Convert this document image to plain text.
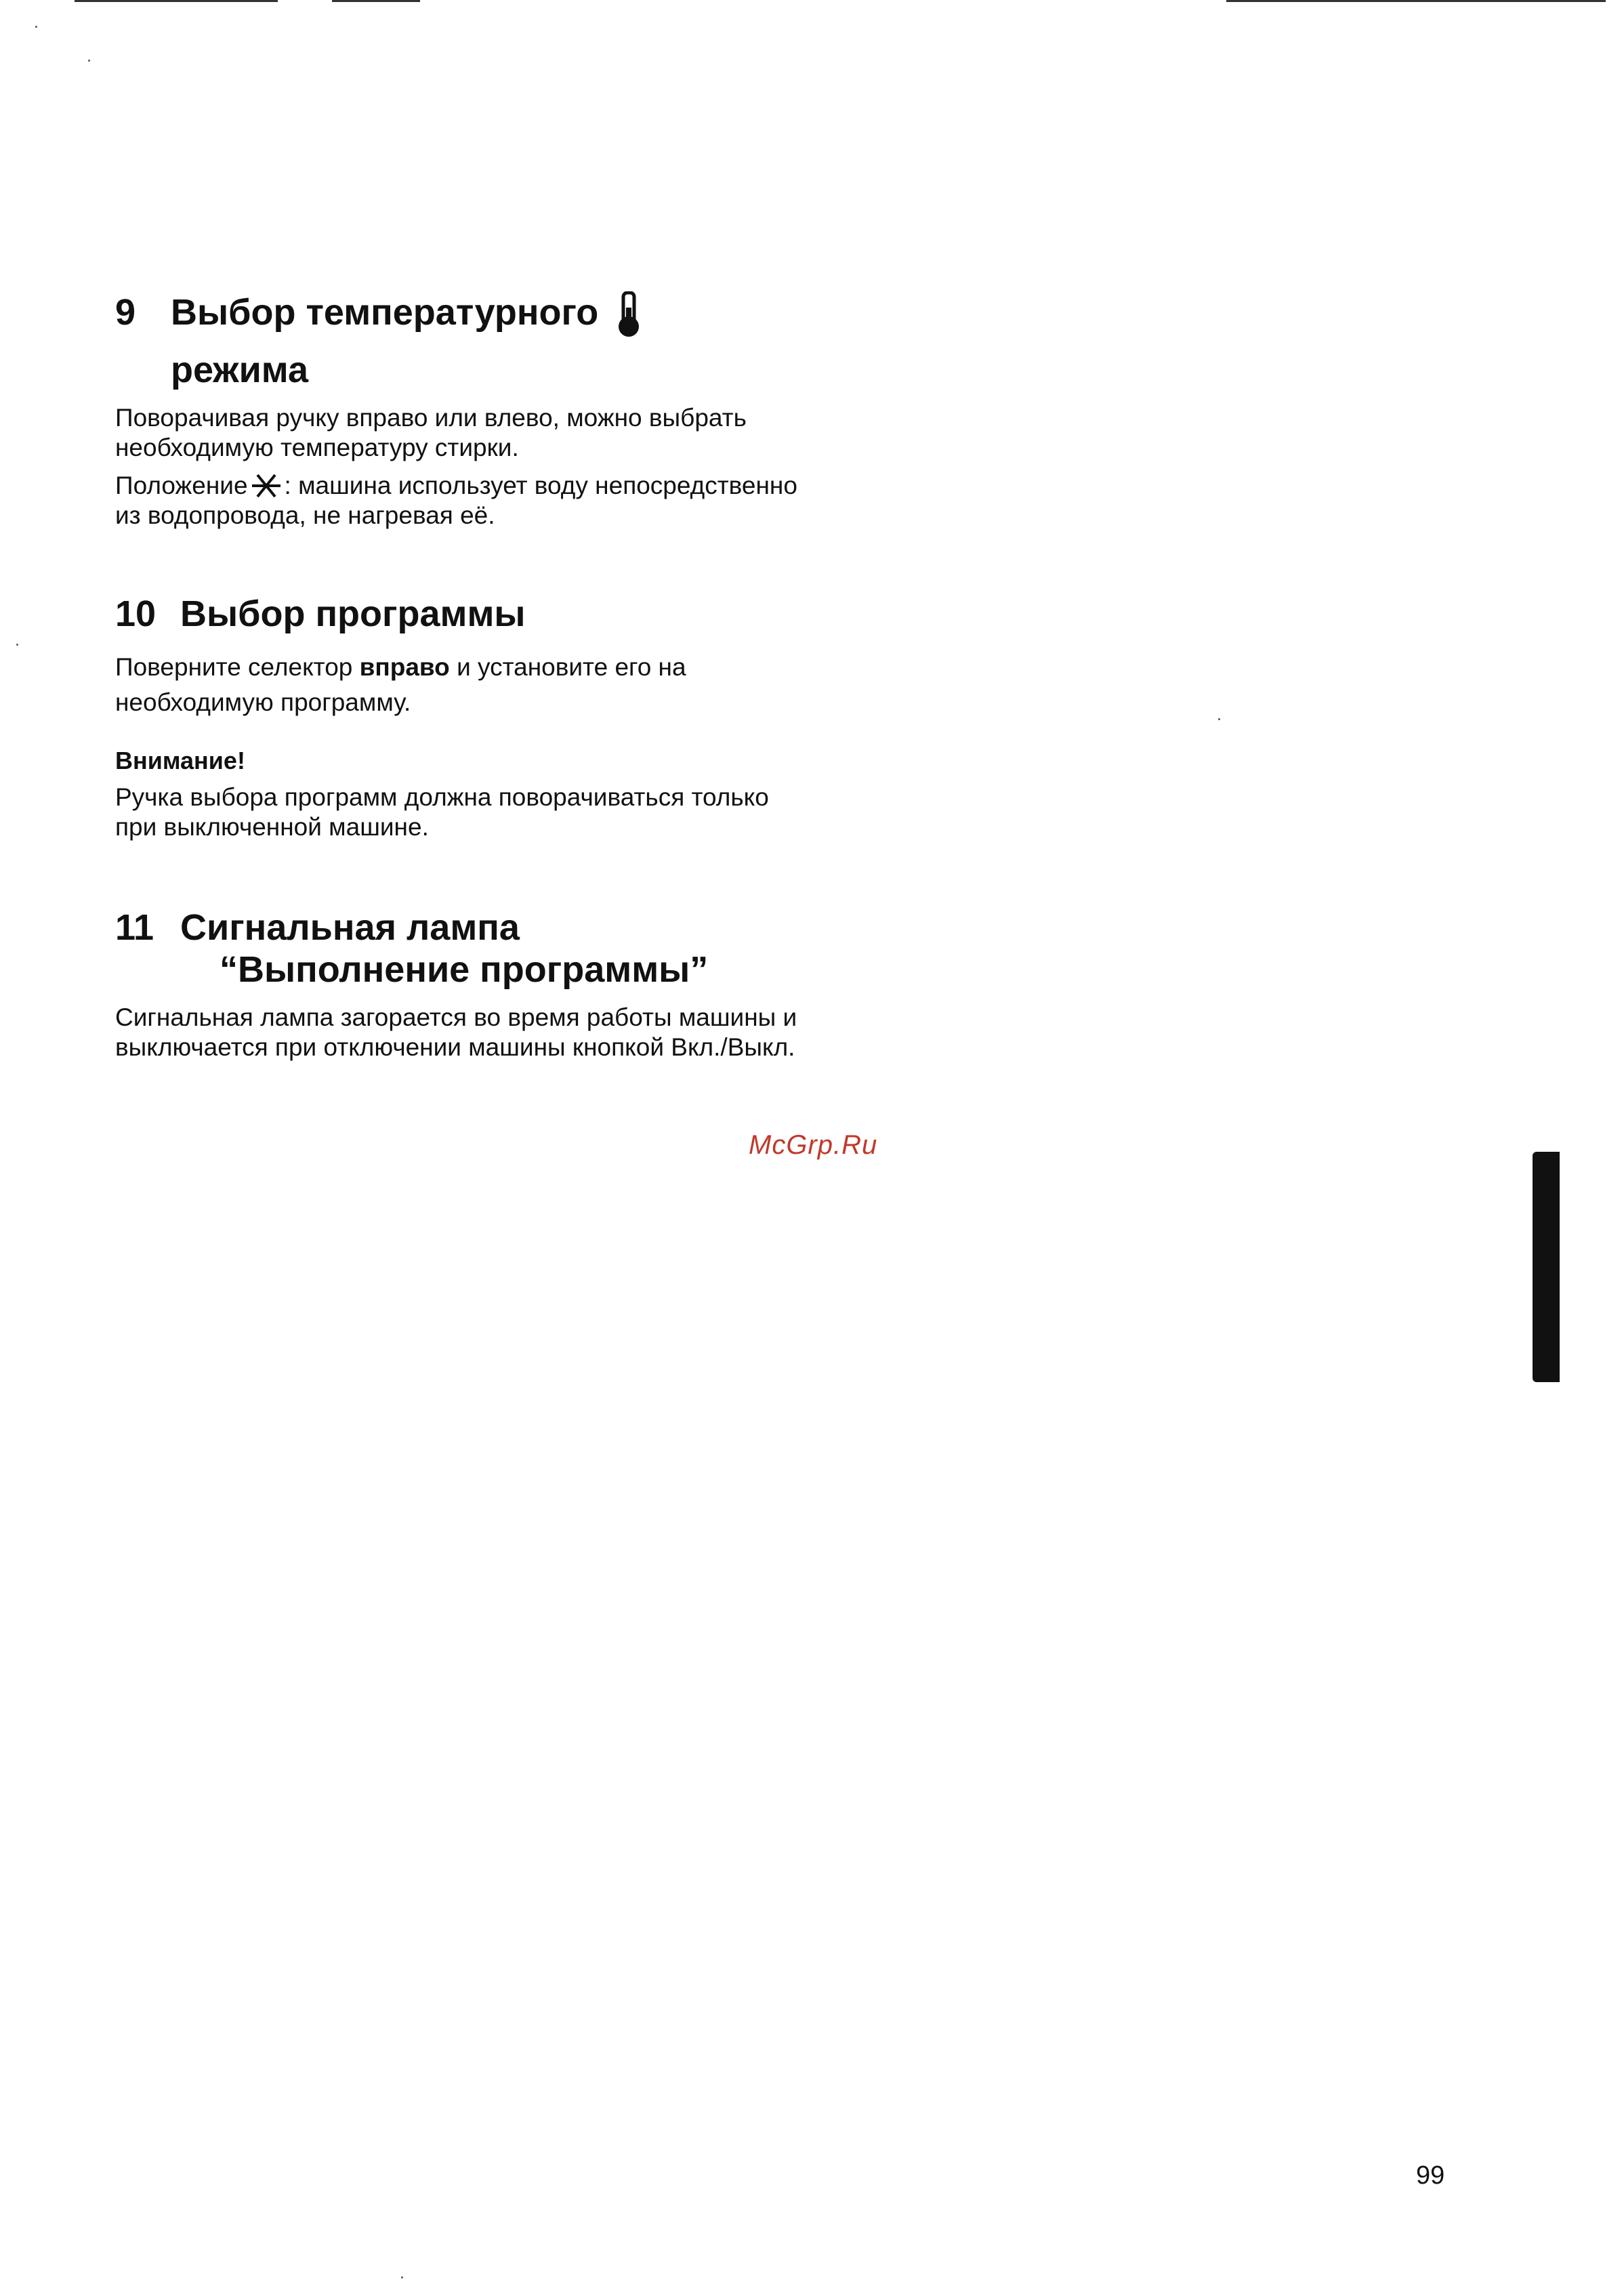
9 Выбор температурного
режима

Поворачивая ручку вправо или влево, можно выбрать необходимую температуру стирки.

Положение : машина использует воду непосредственно из водопровода, не нагревая её.

10 Выбор программы

Поверните селектор вправо и установите его на необходимую программу.

Внимание!

Ручка выбора программ должна поворачиваться только при выключенной машине.

11 Сигнальная лампа
“Выполнение программы”

Сигнальная лампа загорается во время работы машины и выключается при отключении машины кнопкой Вкл./Выкл.

McGrp.Ru
99
